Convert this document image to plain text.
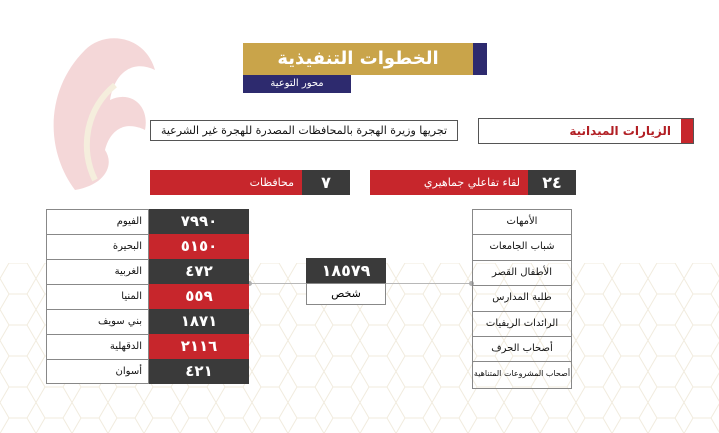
الخطوات التنفيذية
محور التوعية
تجريها وزيرة الهجرة بالمحافظات المصدرة للهجرة غير الشرعية	الزيارات الميدانية
٧
محافظات	٢٤
لقاء تفاعلي جماهيري
الفيوم	٧٩٩٠
البحيرة	٥١٥٠
الغربية	٤٧٢
المنيا	٥٥٩
بني سويف	١٨٧١
الدقهلية	٢١١٦
أسوان	٤٢١
١٨٥٧٩
شخص
الأمهات
شباب الجامعات
الأطفال القصر
طلبة المدارس
الرائدات الريفيات
أصحاب الحرف
أصحاب المشروعات المتناهية
